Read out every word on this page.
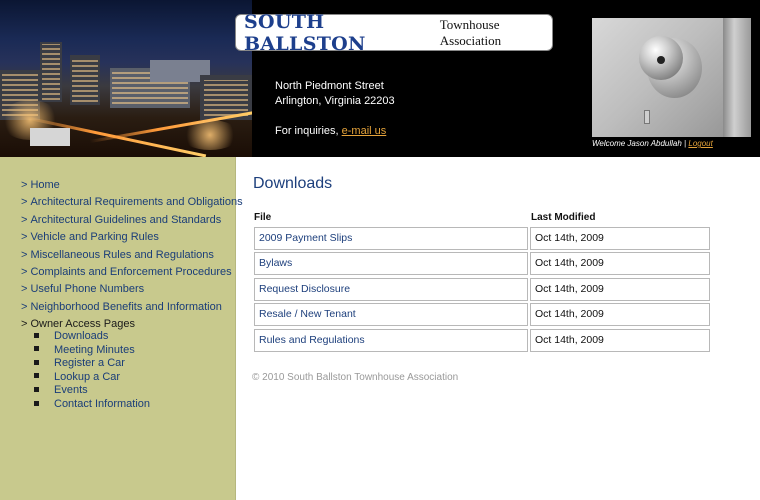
SOUTH BALLSTON
Townhouse Association
North Piedmont Street
Arlington, Virginia 22203
For inquiries, e-mail us
Welcome Jason Abdullah | Logout
> Home
> Architectural Requirements and Obligations
> Architectural Guidelines and Standards
> Vehicle and Parking Rules
> Miscellaneous Rules and Regulations
> Complaints and Enforcement Procedures
> Useful Phone Numbers
> Neighborhood Benefits and Information
> Owner Access Pages
Downloads
Meeting Minutes
Register a Car
Lookup a Car
Events
Contact Information
Downloads
File	Last Modified
2009 Payment Slips	Oct 14th, 2009
Bylaws	Oct 14th, 2009
Request Disclosure	Oct 14th, 2009
Resale / New Tenant	Oct 14th, 2009
Rules and Regulations	Oct 14th, 2009
© 2010 South Ballston Townhouse Association
